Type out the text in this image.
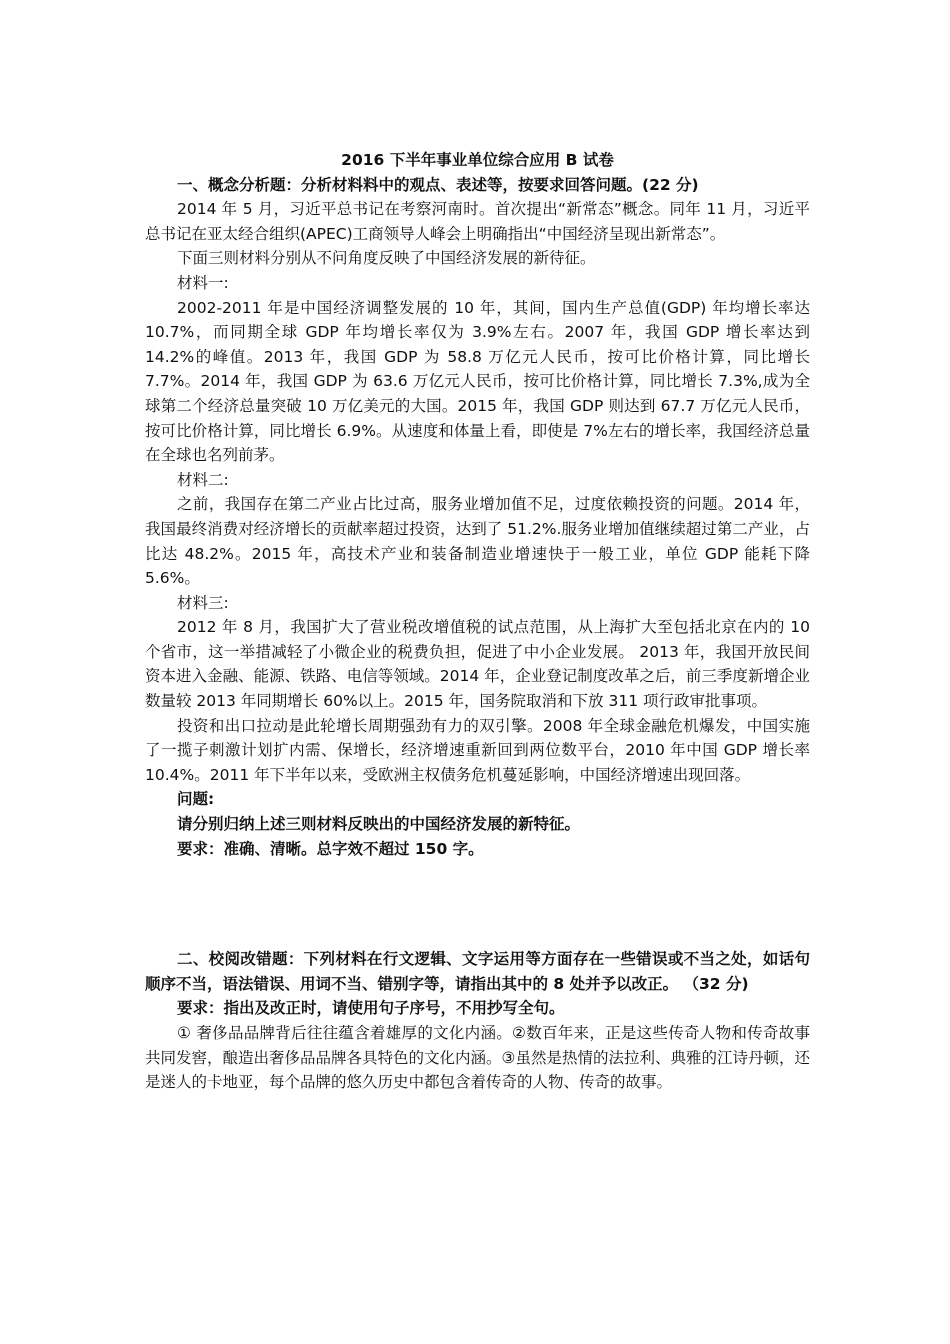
2016 下半年事业单位综合应用 B 试卷

一、概念分析题：分析材料料中的观点、表述等，按要求回答问题。(22 分)

2014 年 5 月，习近平总书记在考察河南时。首次提出“新常态”概念。同年 11 月，习近平总书记在亚太经合组织(APEC)工商领导人峰会上明确指出“中国经济呈现出新常态”。

下面三则材料分别从不问角度反映了中国经济发展的新待征。

材料一:

2002-2011 年是中国经济调整发展的 10 年，其间，国内生产总值(GDP) 年均增长率达 10.7%，而同期全球 GDP 年均增长率仅为 3.9%左右。2007 年，我国 GDP 增长率达到 14.2%的峰值。2013 年，我国 GDP 为 58.8 万亿元人民币，按可比价格计算，同比增长 7.7%。2014 年，我国 GDP 为 63.6 万亿元人民币，按可比价格计算，同比增长 7.3%,成为全球第二个经济总量突破 10 万亿美元的大国。2015 年，我国 GDP 则达到 67.7 万亿元人民币，按可比价格计算，同比增长 6.9%。从速度和体量上看，即使是 7%左右的增长率，我国经济总量在全球也名列前茅。

材料二:

之前，我国存在第二产业占比过高，服务业增加值不足，过度依赖投资的问题。2014 年，我国最终消费对经济增长的贡献率超过投资，达到了 51.2%.服务业增加值继续超过第二产业，占比达 48.2%。2015 年，高技术产业和装备制造业增速快于一般工业，单位 GDP 能耗下降 5.6%。

材料三:

2012 年 8 月，我国扩大了营业税改增值税的试点范围，从上海扩大至包括北京在内的 10 个省市，这一举措减轻了小微企业的税费负担，促进了中小企业发展。 2013 年，我国开放民间资本进入金融、能源、铁路、电信等领域。2014 年，企业登记制度改革之后，前三季度新增企业数量较 2013 年同期增长 60%以上。2015 年，国务院取消和下放 311 项行政审批事项。

投资和出口拉动是此轮增长周期强劲有力的双引擎。2008 年全球金融危机爆发，中国实施了一揽子刺激计划扩内需、保增长，经济增速重新回到两位数平台，2010 年中国 GDP 增长率 10.4%。2011 年下半年以来，受欧洲主权债务危机蔓延影响，中国经济增速出现回落。

问题:

请分别归纳上述三则材料反映出的中国经济发展的新特征。

要求：准确、清晰。总字效不超过 150 字。

二、校阅改错题：下列材料在行文逻辑、文字运用等方面存在一些错误或不当之处，如话句顺序不当，语法错误、用词不当、错别字等，请指出其中的 8 处并予以改正。 （32 分)

要求：指出及改正时，请使用句子序号，不用抄写全句。

① 奢侈品品牌背后往往蕴含着雄厚的文化内涵。②数百年来，正是这些传奇人物和传奇故事共同发窖，酿造出奢侈品品牌各具特色的文化内涵。③虽然是热情的法拉利、典雅的江诗丹顿，还是迷人的卡地亚，每个品牌的悠久历史中都包含着传奇的人物、传奇的故事。
